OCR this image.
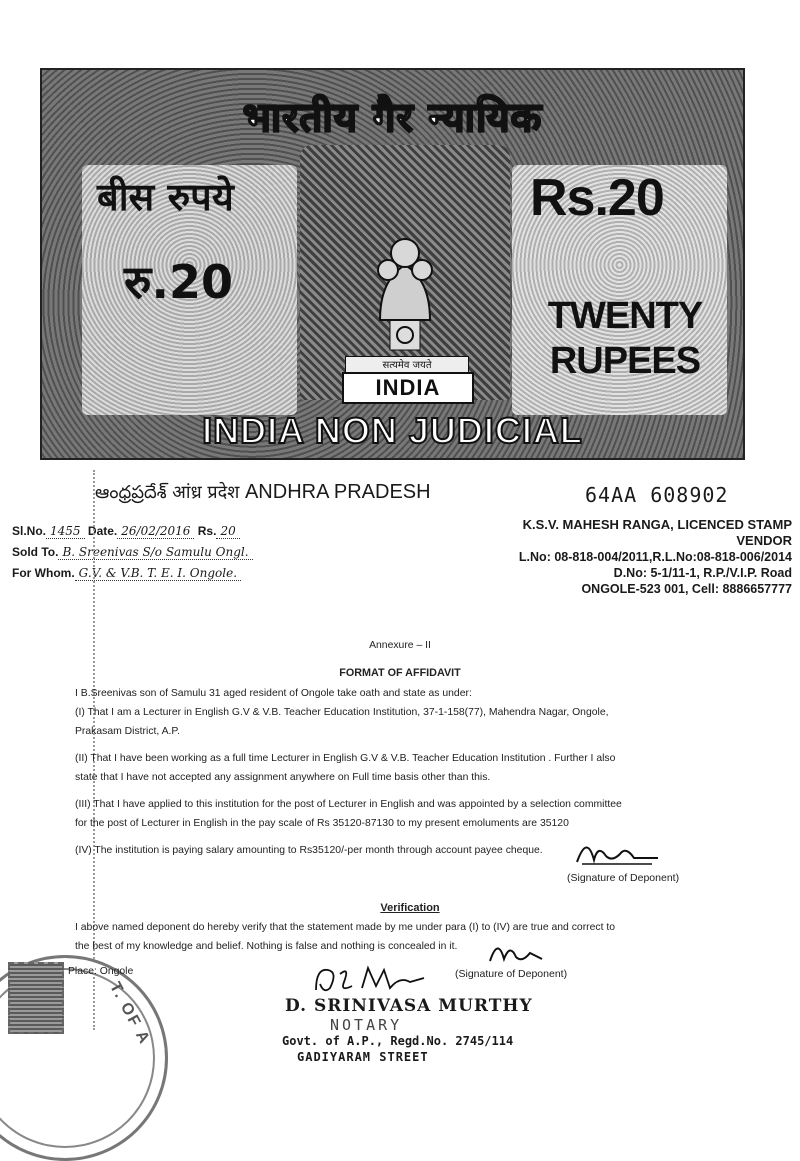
भारतीय गैर न्यायिक
बीस रुपये
रु.20
सत्यमेव जयते
INDIA
Rs.20
TWENTY
RUPEES
INDIA NON JUDICIAL
ఆంధ్రప్రదేశ్ आंध्र प्रदेश ANDHRA PRADESH	64AA 608902
K.S.V. MAHESH RANGA, LICENCED STAMP VENDOR
L.No: 08-818-004/2011,R.L.No:08-818-006/2014
D.No: 5-1/11-1, R.P./V.I.P. Road
ONGOLE-523 001, Cell: 8886657777
Sl.No. 1455 Date. 26/02/2016 Rs. 20
Sold To. B. Sreenivas S/o Samulu Ongl.
For Whom. G.V. & V.B. T. E. I. Ongole.
Annexure – II
FORMAT OF AFFIDAVIT
I B.Sreenivas son of Samulu 31 aged resident of Ongole take oath and state as under:
(I) That I am a Lecturer in English G.V & V.B. Teacher Education Institution, 37-1-158(77), Mahendra Nagar, Ongole,
Prakasam District, A.P.
(II) That I have been working as a full time Lecturer in English G.V & V.B. Teacher Education Institution . Further I also
state that I have not accepted any assignment anywhere on Full time basis other than this.
(III) That I have applied to this institution for the post of Lecturer in English and was appointed by a selection committee
for the post of Lecturer in English in the pay scale of Rs 35120-87130 to my present emoluments are 35120
(IV) The institution is paying salary amounting to Rs35120/-per month through account payee cheque.
(Signature of Deponent)
Verification
I above named deponent do hereby verify that the statement made by me under para (I) to (IV) are true and correct to
the best of my knowledge and belief. Nothing is false and nothing is concealed in it.
(Signature of Deponent)
T. OF A
Place: Ongole
D. SRINIVASA MURTHY
NOTARY
Govt. of A.P., Regd.No. 2745/114
GADIYARAM STREET
